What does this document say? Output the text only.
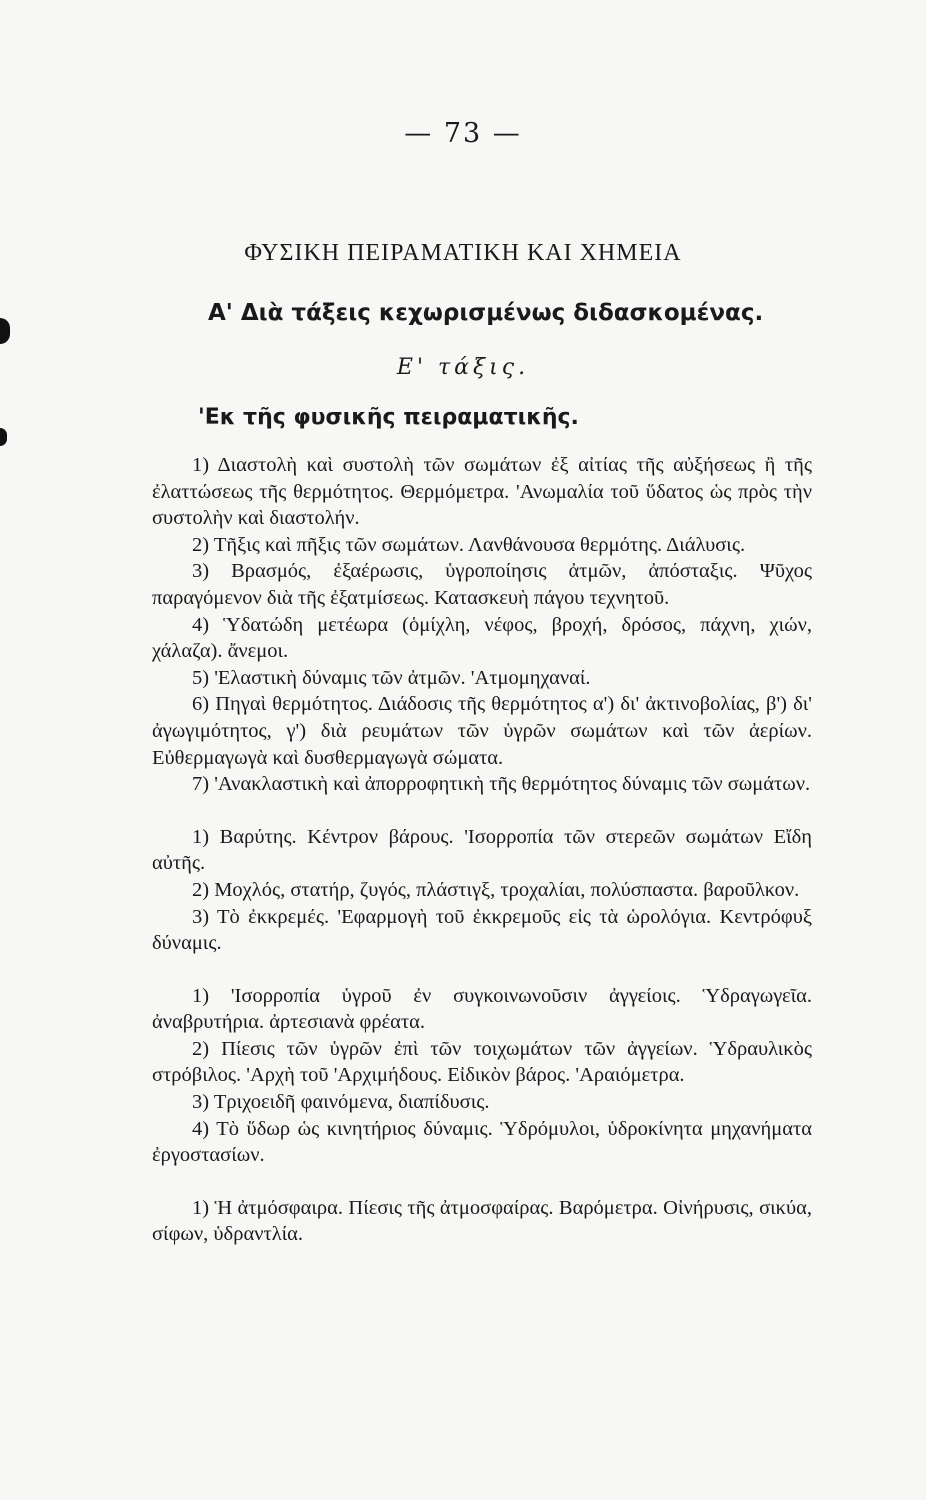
— 73 —
ΦΥΣΙΚΗ ΠΕΙΡΑΜΑΤΙΚΗ ΚΑΙ ΧΗΜΕΙΑ
Α' Διὰ τάξεις κεχωρισμένως διδασκομένας.
Ε' τάξις.
'Εκ τῆς φυσικῆς πειραματικῆς.

1) Διαστολὴ καὶ συστολὴ τῶν σωμάτων ἐξ αἰτίας τῆς αὐξήσεως ἢ τῆς ἐλαττώσεως τῆς θερμότητος. Θερμόμετρα. 'Ανωμαλία τοῦ ὕδατος ὡς πρὸς τὴν συστολὴν καὶ διαστολήν.

2) Τῆξις καὶ πῆξις τῶν σωμάτων. Λανθάνουσα θερμότης. Διάλυσις.

3) Βρασμός, ἐξαέρωσις, ὑγροποίησις ἀτμῶν, ἀπόσταξις. Ψῦχος παραγόμενον διὰ τῆς ἐξατμίσεως. Κατασκευὴ πάγου τεχνητοῦ.

4) Ὑδατώδη μετέωρα (ὁμίχλη, νέφος, βροχή, δρόσος, πάχνη, χιών, χάλαζα). ἄνεμοι.

5) 'Ελαστικὴ δύναμις τῶν ἀτμῶν. 'Ατμομηχαναί.

6) Πηγαὶ θερμότητος. Διάδοσις τῆς θερμότητος α') δι' ἀκτινοβολίας, β') δι' ἀγωγιμότητος, γ') διὰ ρευμάτων τῶν ὑγρῶν σωμάτων καὶ τῶν ἀερίων. Εὐθερμαγωγὰ καὶ δυσθερμαγωγὰ σώματα.

7) 'Ανακλαστικὴ καὶ ἀπορροφητικὴ τῆς θερμότητος δύναμις τῶν σωμάτων.

1) Βαρύτης. Κέντρον βάρους. 'Ισορροπία τῶν στερεῶν σωμάτων Εἴδη αὐτῆς.

2) Μοχλός, στατήρ, ζυγός, πλάστιγξ, τροχαλίαι, πολύσπαστα. βαροῦλκον.

3) Τὸ ἐκκρεμές. 'Εφαρμογὴ τοῦ ἐκκρεμοῦς εἰς τὰ ὡρολόγια. Κεντρόφυξ δύναμις.

1) 'Ισορροπία ὑγροῦ ἐν συγκοινωνοῦσιν ἀγγείοις. Ὑδραγωγεῖα. ἀναβρυτήρια. ἀρτεσιανὰ φρέατα.

2) Πίεσις τῶν ὑγρῶν ἐπὶ τῶν τοιχωμάτων τῶν ἀγγείων. Ὑδραυλικὸς στρόβιλος. 'Αρχὴ τοῦ 'Αρχιμήδους. Εἰδικὸν βάρος. 'Αραιόμετρα.

3) Τριχοειδῆ φαινόμενα, διαπίδυσις.

4) Τὸ ὕδωρ ὡς κινητήριος δύναμις. Ὑδρόμυλοι, ὑδροκίνητα μηχανήματα ἐργοστασίων.

1) Ἡ ἀτμόσφαιρα. Πίεσις τῆς ἀτμοσφαίρας. Βαρόμετρα. Οἰνήρυσις, σικύα, σίφων, ὑδραντλία.
